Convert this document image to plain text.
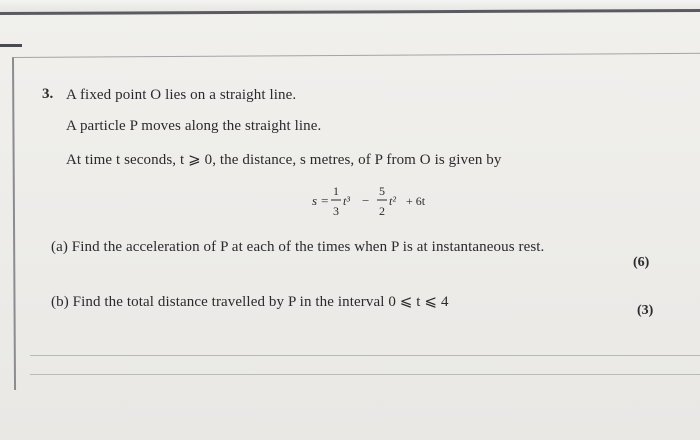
3. A fixed point O lies on a straight line.
A particle P moves along the straight line.
At time t seconds, t ⩾ 0, the distance, s metres, of P from O is given by
s =
1
3
t³ −
5
2
t² + 6t
(a) Find the acceleration of P at each of the times when P is at instantaneous rest.
(6)
(b) Find the total distance travelled by P in the interval 0 ⩽ t ⩽ 4
(3)
